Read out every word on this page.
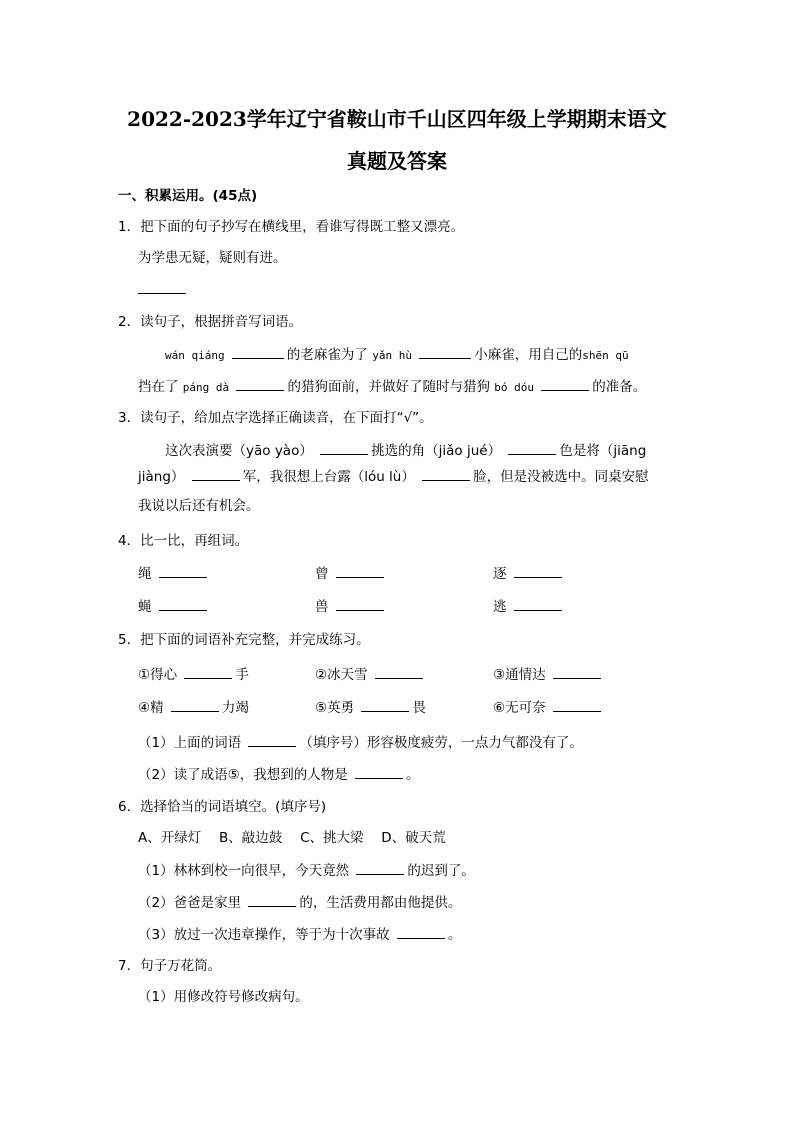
2022-2023学年辽宁省鞍山市千山区四年级上学期期末语文
真题及答案
一、积累运用。(45点)
1．把下面的句子抄写在横线里，看谁写得既工整又漂亮。
为学患无疑，疑则有进。
2．读句子，根据拼音写词语。
wán qiáng	的老麻雀为了 yǎn hù	小麻雀，用自己的shēn qū
挡在了 páng dà	的猎狗面前，并做好了随时与猎狗 bó dóu	的准备。
3．读句子，给加点字选择正确读音，在下面打“√”。
这次表演要（yāo yào）	挑选的角（jiǎo jué）	色是将（jiāng
jiàng）	军，我很想上台露（lóu lù）	脸，但是没被选中。同桌安慰
我说以后还有机会。
4．比一比，再组词。
绳	曾	逐
蝇	兽	逃
5．把下面的词语补充完整，并完成练习。
①得心	手	②冰天雪	③通情达
④精	力竭	⑤英勇	畏	⑥无可奈
（1）上面的词语	（填序号）形容极度疲劳，一点力气都没有了。
（2）读了成语⑤，我想到的人物是	。
6．选择恰当的词语填空。(填序号)
A、开绿灯　 B、敲边鼓　 C、挑大梁　 D、破天荒
（1）林林到校一向很早，今天竟然	的迟到了。
（2）爸爸是家里	的，生活费用都由他提供。
（3）放过一次违章操作，等于为十次事故	。
7．句子万花筒。
（1）用修改符号修改病句。
